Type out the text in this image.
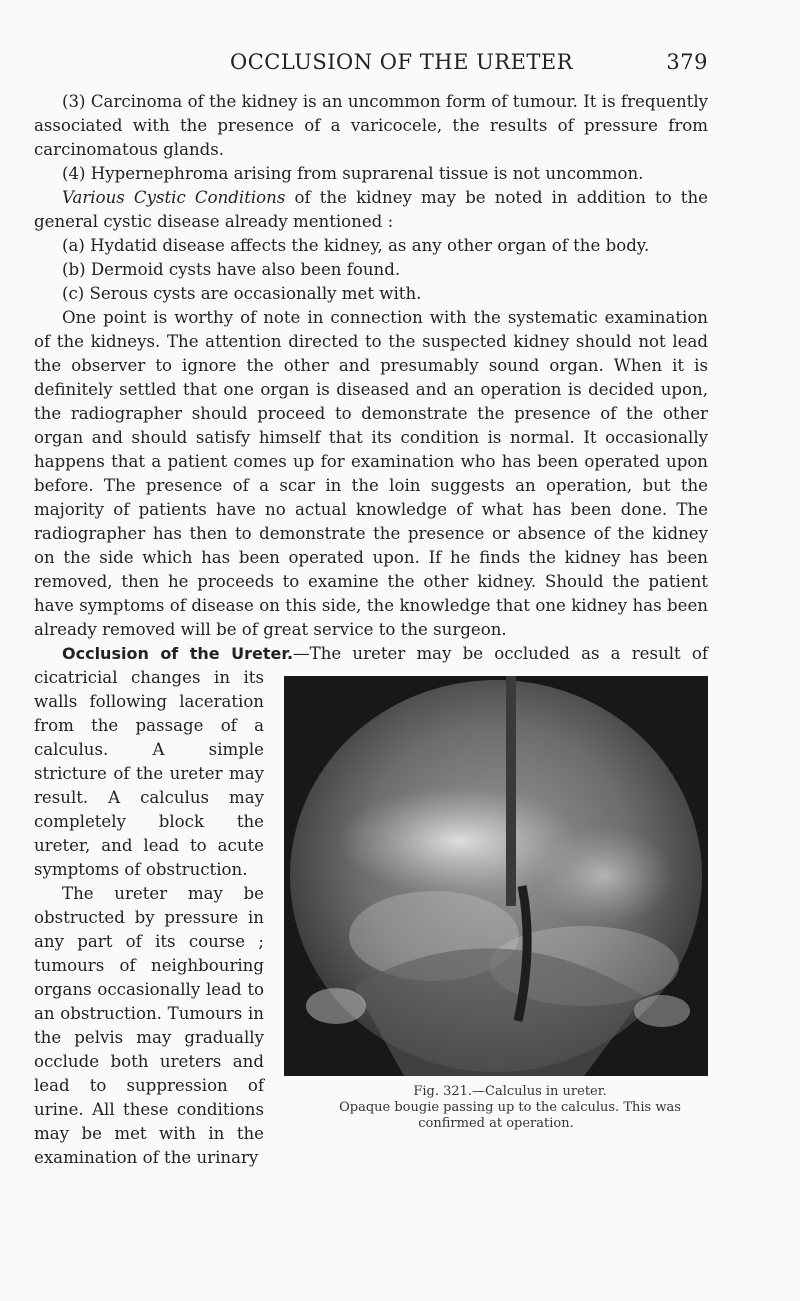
OCCLUSION OF THE URETER	379

(3) Carcinoma of the kidney is an uncommon form of tumour. It is frequently associated with the presence of a varicocele, the results of pressure from carcinomatous glands.

(4) Hypernephroma arising from suprarenal tissue is not uncommon.

Various Cystic Conditions of the kidney may be noted in addition to the general cystic disease already mentioned :

(a) Hydatid disease affects the kidney, as any other organ of the body.

(b) Dermoid cysts have also been found.

(c) Serous cysts are occasionally met with.

One point is worthy of note in connection with the systematic examination of the kidneys. The attention directed to the suspected kidney should not lead the observer to ignore the other and presumably sound organ. When it is definitely settled that one organ is diseased and an operation is decided upon, the radiographer should proceed to demonstrate the presence of the other organ and should satisfy himself that its condition is normal. It occasionally happens that a patient comes up for examination who has been operated upon before. The presence of a scar in the loin suggests an operation, but the majority of patients have no actual knowledge of what has been done. The radiographer has then to demonstrate the presence or absence of the kidney on the side which has been operated upon. If he finds the kidney has been removed, then he proceeds to examine the other kidney. Should the patient have symptoms of disease on this side, the knowledge that one kidney has been already removed will be of great service to the surgeon.

Occlusion of the Ureter.
Fig. 321.—Calculus in ureter.
Opaque bougie passing up to the calculus. This was confirmed at operation.
—The ureter may be occluded as a result of cicatricial changes in its walls following laceration from the passage of a calculus. A simple stricture of the ureter may result. A calculus may completely block the ureter, and lead to acute symptoms of obstruction.

The ureter may be obstructed by pressure in any part of its course ; tumours of neighbouring organs occasionally lead to an obstruction. Tumours in the pelvis may gradually occlude both ureters and lead to suppression of urine. All these conditions may be met with in the examination of the urinary
